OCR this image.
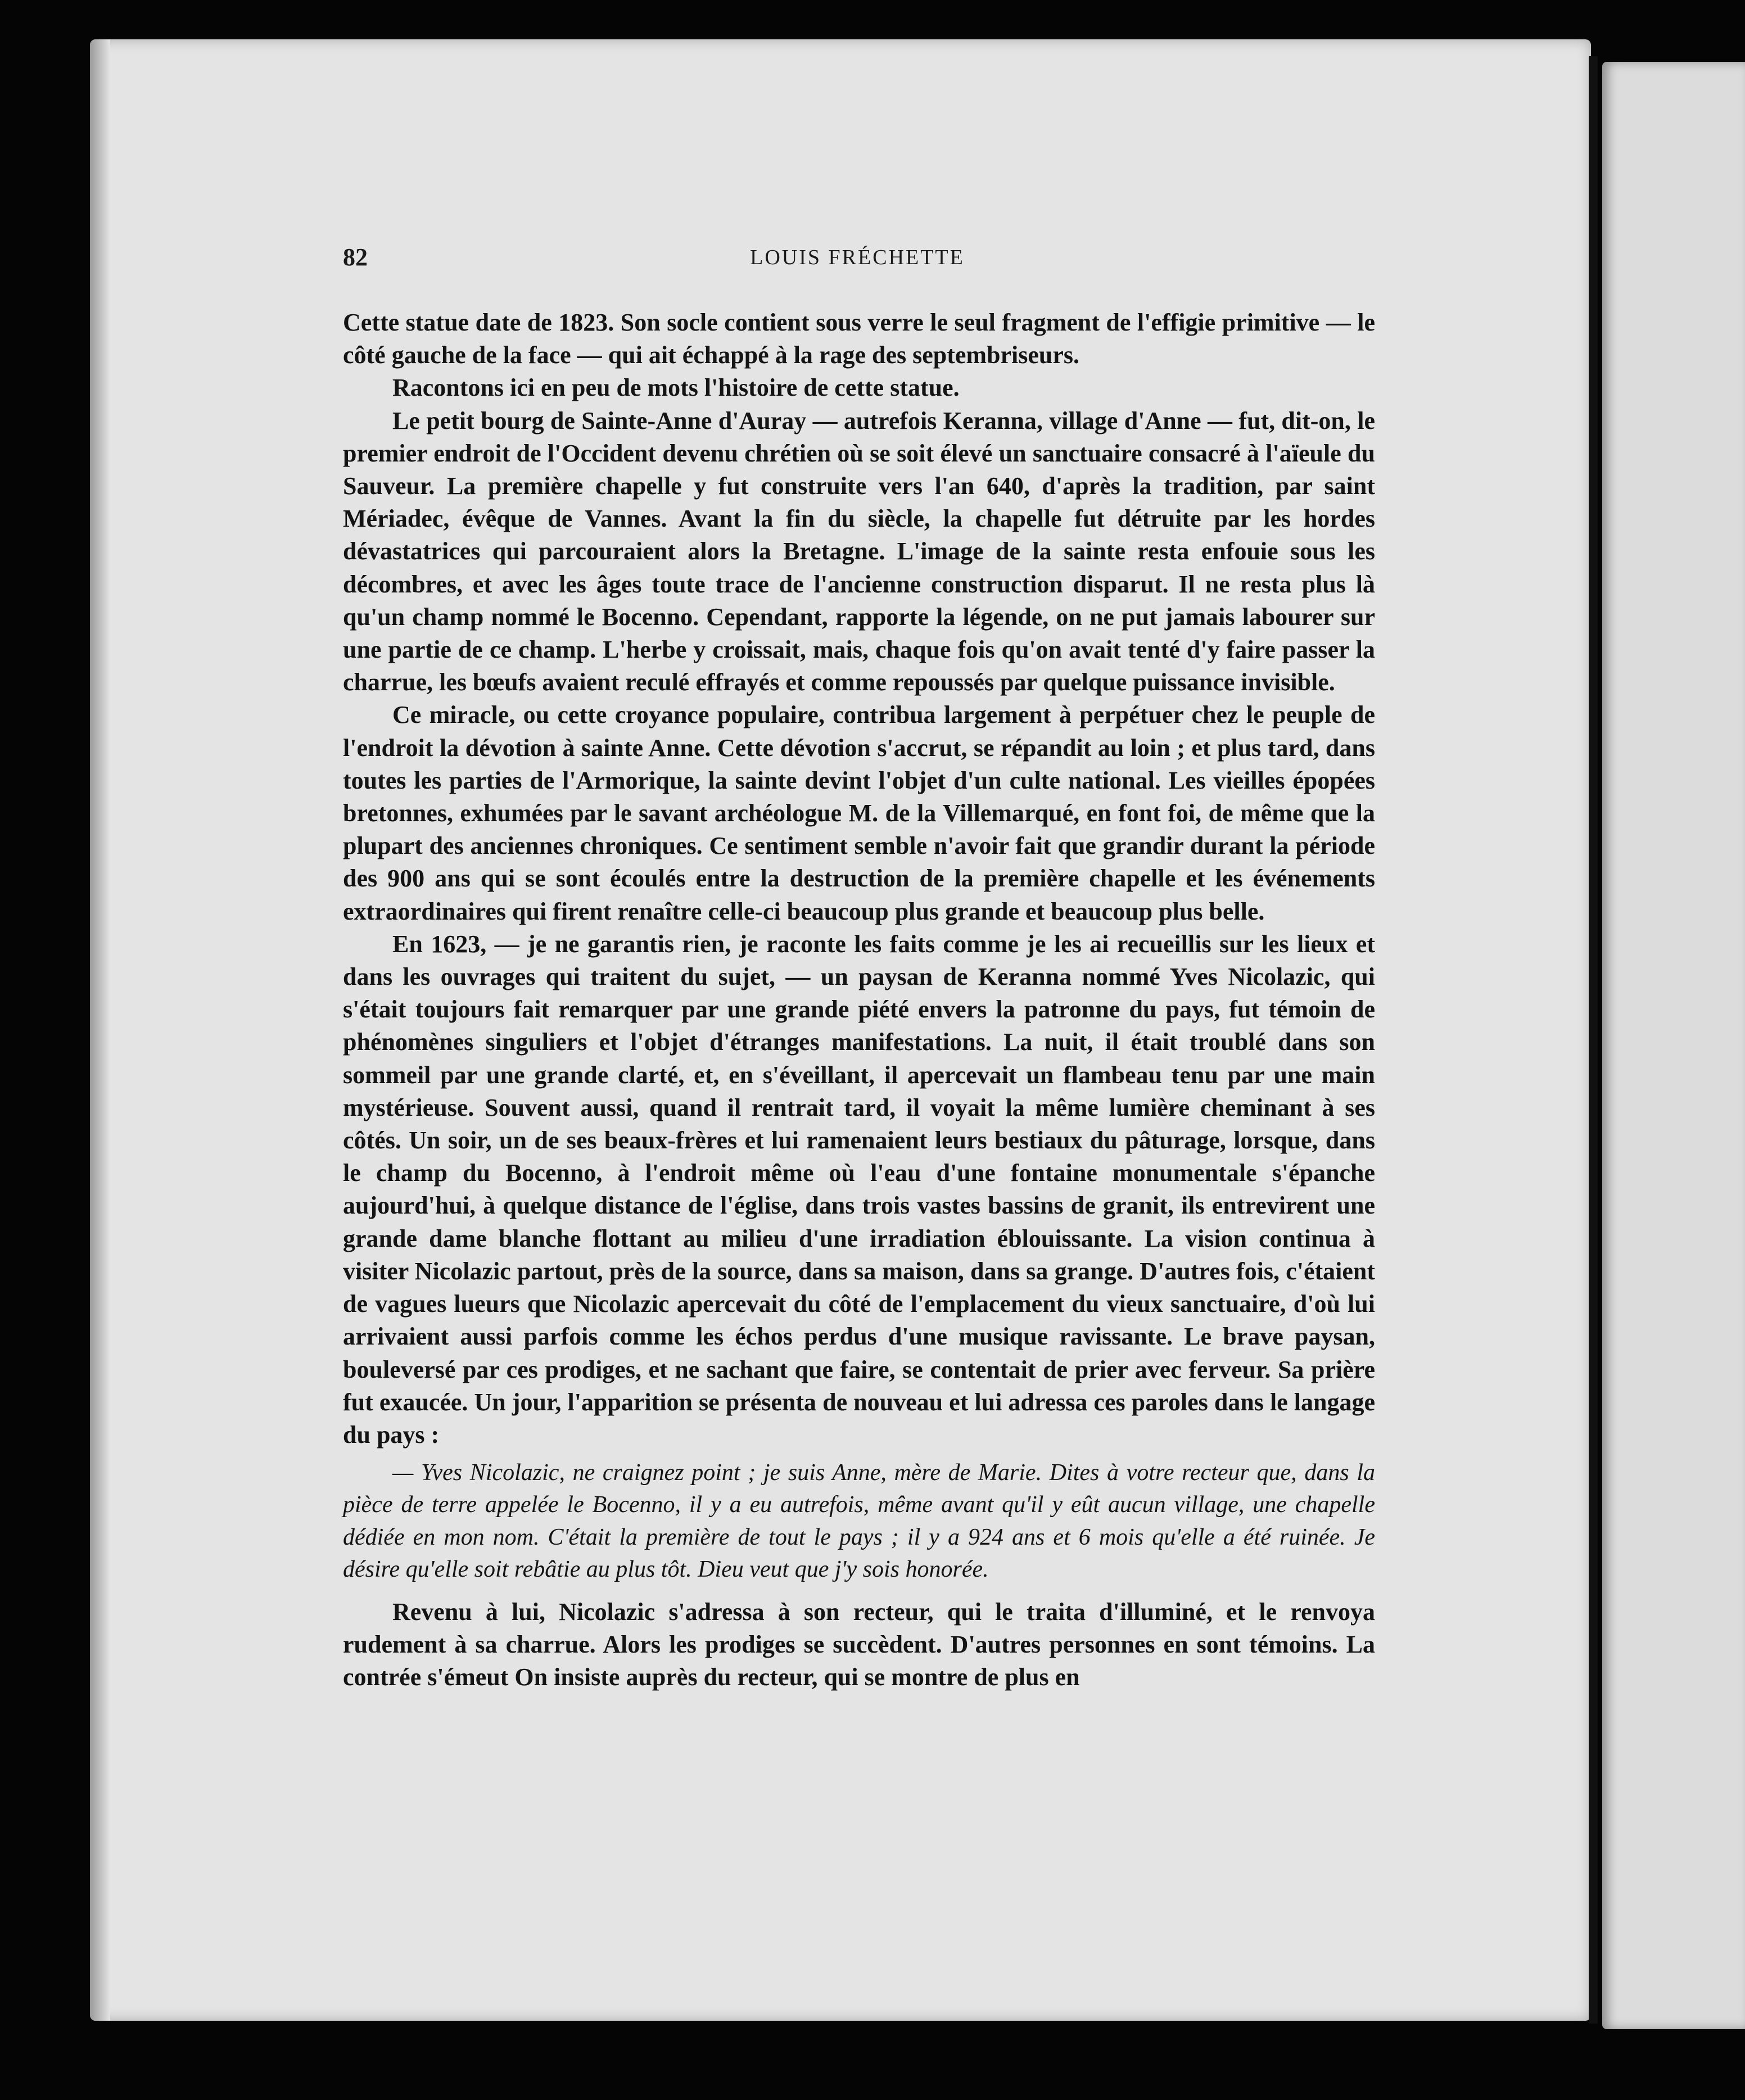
82	LOUIS FRÉCHETTE

Cette statue date de 1823. Son socle contient sous verre le seul fragment de l'effigie primitive — le côté gauche de la face — qui ait échappé à la rage des septembriseurs.

Racontons ici en peu de mots l'histoire de cette statue.

Le petit bourg de Sainte-Anne d'Auray — autrefois Keranna, village d'Anne — fut, dit-on, le premier endroit de l'Occident devenu chrétien où se soit élevé un sanctuaire consacré à l'aïeule du Sauveur. La première chapelle y fut construite vers l'an 640, d'après la tradition, par saint Mériadec, évêque de Vannes. Avant la fin du siècle, la chapelle fut détruite par les hordes dévastatrices qui parcouraient alors la Bretagne. L'image de la sainte resta enfouie sous les décombres, et avec les âges toute trace de l'ancienne construction disparut. Il ne resta plus là qu'un champ nommé le Bocenno. Cependant, rapporte la légende, on ne put jamais labourer sur une partie de ce champ. L'herbe y croissait, mais, chaque fois qu'on avait tenté d'y faire passer la charrue, les bœufs avaient reculé effrayés et comme repoussés par quelque puissance invisible.

Ce miracle, ou cette croyance populaire, contribua largement à perpétuer chez le peuple de l'endroit la dévotion à sainte Anne. Cette dévotion s'accrut, se répandit au loin ; et plus tard, dans toutes les parties de l'Armorique, la sainte devint l'objet d'un culte national. Les vieilles épopées bretonnes, exhumées par le savant archéologue M. de la Villemarqué, en font foi, de même que la plupart des anciennes chroniques. Ce sentiment semble n'avoir fait que grandir durant la période des 900 ans qui se sont écoulés entre la destruction de la première chapelle et les événements extraordinaires qui firent renaître celle-ci beaucoup plus grande et beaucoup plus belle.

En 1623, — je ne garantis rien, je raconte les faits comme je les ai recueillis sur les lieux et dans les ouvrages qui traitent du sujet, — un paysan de Keranna nommé Yves Nicolazic, qui s'était toujours fait remarquer par une grande piété envers la patronne du pays, fut témoin de phénomènes singuliers et l'objet d'étranges manifestations. La nuit, il était troublé dans son sommeil par une grande clarté, et, en s'éveillant, il apercevait un flambeau tenu par une main mystérieuse. Souvent aussi, quand il rentrait tard, il voyait la même lumière cheminant à ses côtés. Un soir, un de ses beaux-frères et lui ramenaient leurs bestiaux du pâturage, lorsque, dans le champ du Bocenno, à l'endroit même où l'eau d'une fontaine monumentale s'épanche aujourd'hui, à quelque distance de l'église, dans trois vastes bassins de granit, ils entrevirent une grande dame blanche flottant au milieu d'une irradiation éblouissante. La vision continua à visiter Nicolazic partout, près de la source, dans sa maison, dans sa grange. D'autres fois, c'étaient de vagues lueurs que Nicolazic apercevait du côté de l'emplacement du vieux sanctuaire, d'où lui arrivaient aussi parfois comme les échos perdus d'une musique ravissante. Le brave paysan, bouleversé par ces prodiges, et ne sachant que faire, se contentait de prier avec ferveur. Sa prière fut exaucée. Un jour, l'apparition se présenta de nouveau et lui adressa ces paroles dans le langage du pays :

— Yves Nicolazic, ne craignez point ; je suis Anne, mère de Marie. Dites à votre recteur que, dans la pièce de terre appelée le Bocenno, il y a eu autrefois, même avant qu'il y eût aucun village, une chapelle dédiée en mon nom. C'était la première de tout le pays ; il y a 924 ans et 6 mois qu'elle a été ruinée. Je désire qu'elle soit rebâtie au plus tôt. Dieu veut que j'y sois honorée.

Revenu à lui, Nicolazic s'adressa à son recteur, qui le traita d'illuminé, et le renvoya rudement à sa charrue. Alors les prodiges se succèdent. D'autres personnes en sont témoins. La contrée s'émeut On insiste auprès du recteur, qui se montre de plus en
